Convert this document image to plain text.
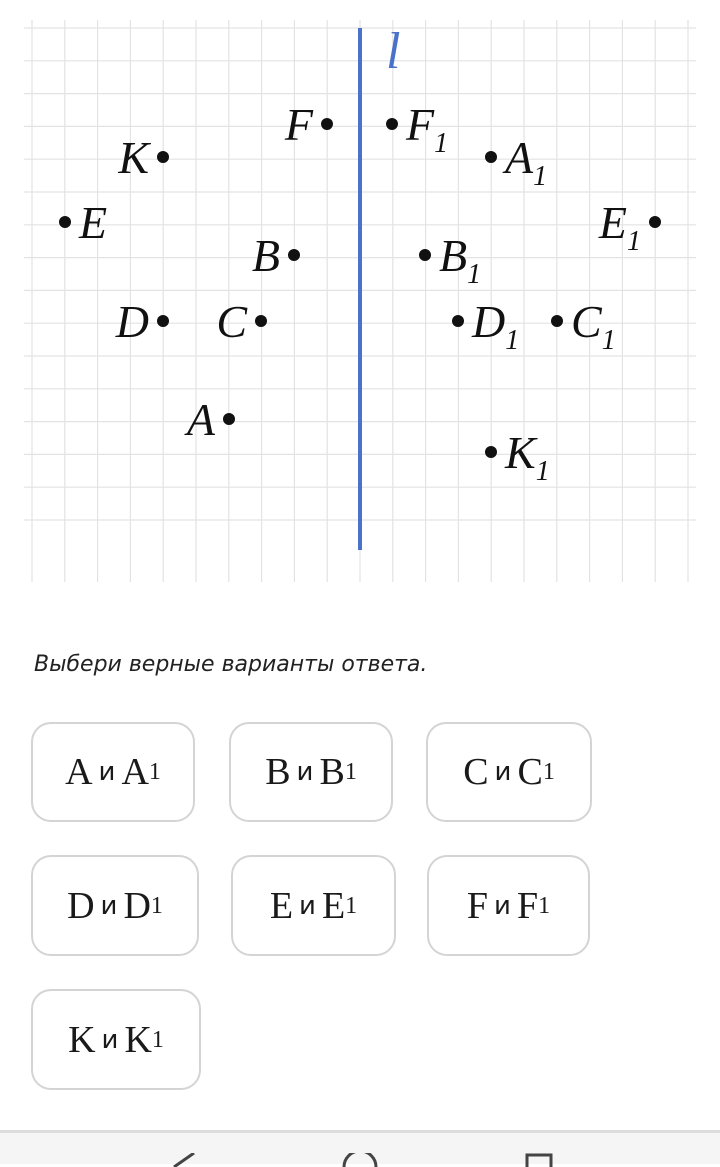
l
F $F_1$
K	$A_1$
E	$E_1$
B	$B_1$
D C	$D_1$ $C_1$
A
$K_1$

Выбери верные варианты ответа.

A и A 1	B и B 1	C и C 1
D и D 1	E и E 1	F и F 1
K и K 1
